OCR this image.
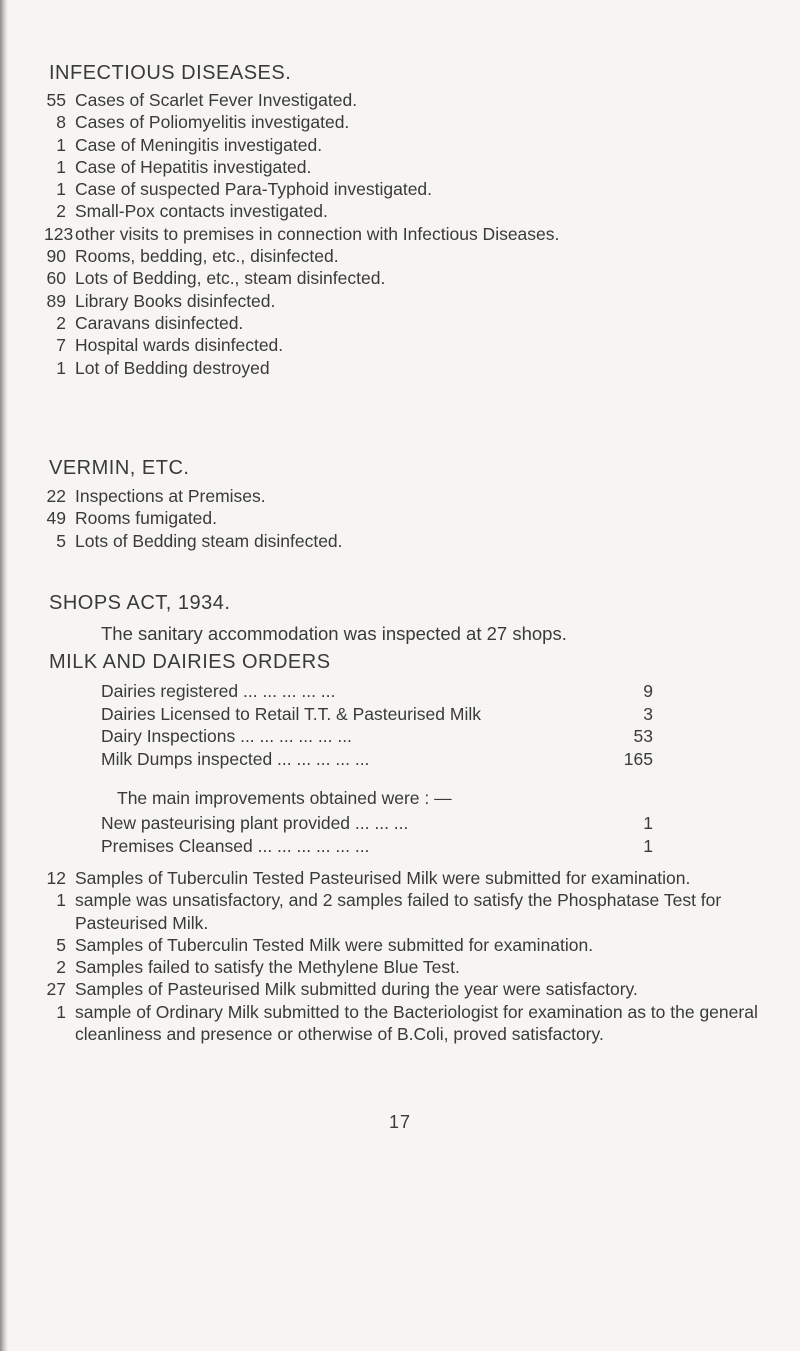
INFECTIOUS DISEASES.
55 Cases of Scarlet Fever Investigated.
8 Cases of Poliomyelitis investigated.
1 Case of Meningitis investigated.
1 Case of Hepatitis investigated.
1 Case of suspected Para-Typhoid investigated.
2 Small-Pox contacts investigated.
123 other visits to premises in connection with Infectious Diseases.
90 Rooms, bedding, etc., disinfected.
60 Lots of Bedding, etc., steam disinfected.
89 Library Books disinfected.
2 Caravans disinfected.
7 Hospital wards disinfected.
1 Lot of Bedding destroyed
VERMIN, ETC.
22 Inspections at Premises.
49 Rooms fumigated.
5 Lots of Bedding steam disinfected.
SHOPS ACT, 1934.
The sanitary accommodation was inspected at 27 shops.
MILK AND DAIRIES ORDERS
Dairies registered ... ... ... ... ...	9
Dairies Licensed to Retail T.T. & Pasteurised Milk	3
Dairy Inspections ... ... ... ... ... ...	53
Milk Dumps inspected ... ... ... ... ...	165
The main improvements obtained were : —
New pasteurising plant provided ... ... ...	1
Premises Cleansed ... ... ... ... ... ...	1
12 Samples of Tuberculin Tested Pasteurised Milk were submitted for examination.
1 sample was unsatisfactory, and 2 samples failed to satisfy the Phosphatase Test for Pasteurised Milk.
5 Samples of Tuberculin Tested Milk were submitted for examination.
2 Samples failed to satisfy the Methylene Blue Test.
27 Samples of Pasteurised Milk submitted during the year were satisfactory.
1 sample of Ordinary Milk submitted to the Bacteriologist for examination as to the general cleanliness and presence or otherwise of B.Coli, proved satisfactory.
17
